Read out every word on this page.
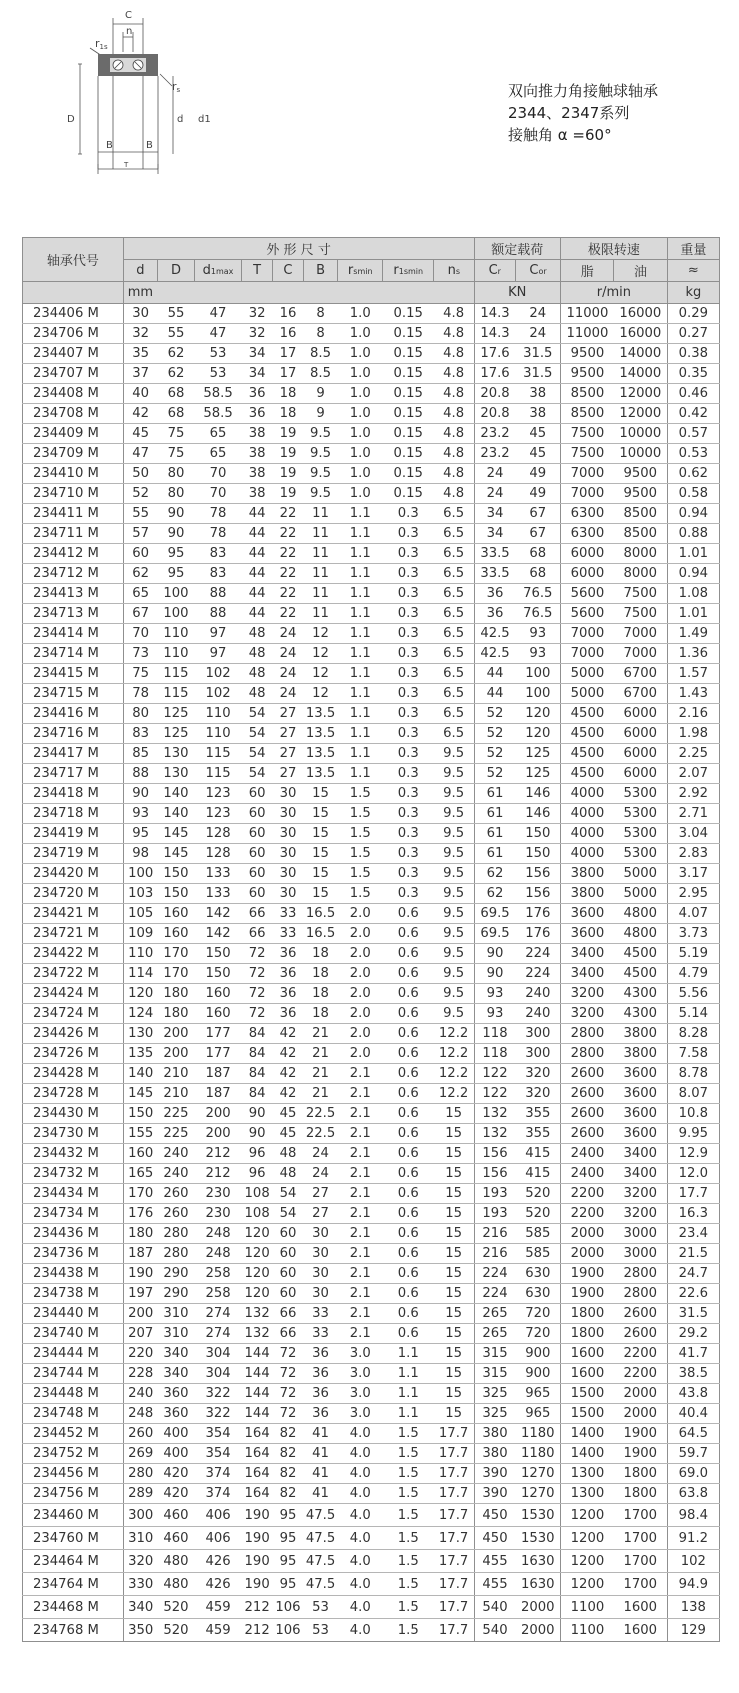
C
n
r1s
rs
D	d d1
B	B
T
双向推力角接触球轴承
2344、2347系列
接触角 α =60°
轴承代号	外 形 尺 寸									额定载荷		极限转速		重量
	d	D	d1max	T	C	B	rsmin	r1smin	ns	Cr	Cor	脂	油	≈
	mm									KN		r/min		kg
234406 M	30	55	47	32	16	8	1.0	0.15	4.8	14.3	24	11000	16000	0.29
234706 M	32	55	47	32	16	8	1.0	0.15	4.8	14.3	24	11000	16000	0.27
234407 M	35	62	53	34	17	8.5	1.0	0.15	4.8	17.6	31.5	9500	14000	0.38
234707 M	37	62	53	34	17	8.5	1.0	0.15	4.8	17.6	31.5	9500	14000	0.35
234408 M	40	68	58.5	36	18	9	1.0	0.15	4.8	20.8	38	8500	12000	0.46
234708 M	42	68	58.5	36	18	9	1.0	0.15	4.8	20.8	38	8500	12000	0.42
234409 M	45	75	65	38	19	9.5	1.0	0.15	4.8	23.2	45	7500	10000	0.57
234709 M	47	75	65	38	19	9.5	1.0	0.15	4.8	23.2	45	7500	10000	0.53
234410 M	50	80	70	38	19	9.5	1.0	0.15	4.8	24	49	7000	9500	0.62
234710 M	52	80	70	38	19	9.5	1.0	0.15	4.8	24	49	7000	9500	0.58
234411 M	55	90	78	44	22	11	1.1	0.3	6.5	34	67	6300	8500	0.94
234711 M	57	90	78	44	22	11	1.1	0.3	6.5	34	67	6300	8500	0.88
234412 M	60	95	83	44	22	11	1.1	0.3	6.5	33.5	68	6000	8000	1.01
234712 M	62	95	83	44	22	11	1.1	0.3	6.5	33.5	68	6000	8000	0.94
234413 M	65	100	88	44	22	11	1.1	0.3	6.5	36	76.5	5600	7500	1.08
234713 M	67	100	88	44	22	11	1.1	0.3	6.5	36	76.5	5600	7500	1.01
234414 M	70	110	97	48	24	12	1.1	0.3	6.5	42.5	93	7000	7000	1.49
234714 M	73	110	97	48	24	12	1.1	0.3	6.5	42.5	93	7000	7000	1.36
234415 M	75	115	102	48	24	12	1.1	0.3	6.5	44	100	5000	6700	1.57
234715 M	78	115	102	48	24	12	1.1	0.3	6.5	44	100	5000	6700	1.43
234416 M	80	125	110	54	27	13.5	1.1	0.3	6.5	52	120	4500	6000	2.16
234716 M	83	125	110	54	27	13.5	1.1	0.3	6.5	52	120	4500	6000	1.98
234417 M	85	130	115	54	27	13.5	1.1	0.3	9.5	52	125	4500	6000	2.25
234717 M	88	130	115	54	27	13.5	1.1	0.3	9.5	52	125	4500	6000	2.07
234418 M	90	140	123	60	30	15	1.5	0.3	9.5	61	146	4000	5300	2.92
234718 M	93	140	123	60	30	15	1.5	0.3	9.5	61	146	4000	5300	2.71
234419 M	95	145	128	60	30	15	1.5	0.3	9.5	61	150	4000	5300	3.04
234719 M	98	145	128	60	30	15	1.5	0.3	9.5	61	150	4000	5300	2.83
234420 M	100	150	133	60	30	15	1.5	0.3	9.5	62	156	3800	5000	3.17
234720 M	103	150	133	60	30	15	1.5	0.3	9.5	62	156	3800	5000	2.95
234421 M	105	160	142	66	33	16.5	2.0	0.6	9.5	69.5	176	3600	4800	4.07
234721 M	109	160	142	66	33	16.5	2.0	0.6	9.5	69.5	176	3600	4800	3.73
234422 M	110	170	150	72	36	18	2.0	0.6	9.5	90	224	3400	4500	5.19
234722 M	114	170	150	72	36	18	2.0	0.6	9.5	90	224	3400	4500	4.79
234424 M	120	180	160	72	36	18	2.0	0.6	9.5	93	240	3200	4300	5.56
234724 M	124	180	160	72	36	18	2.0	0.6	9.5	93	240	3200	4300	5.14
234426 M	130	200	177	84	42	21	2.0	0.6	12.2	118	300	2800	3800	8.28
234726 M	135	200	177	84	42	21	2.0	0.6	12.2	118	300	2800	3800	7.58
234428 M	140	210	187	84	42	21	2.1	0.6	12.2	122	320	2600	3600	8.78
234728 M	145	210	187	84	42	21	2.1	0.6	12.2	122	320	2600	3600	8.07
234430 M	150	225	200	90	45	22.5	2.1	0.6	15	132	355	2600	3600	10.8
234730 M	155	225	200	90	45	22.5	2.1	0.6	15	132	355	2600	3600	9.95
234432 M	160	240	212	96	48	24	2.1	0.6	15	156	415	2400	3400	12.9
234732 M	165	240	212	96	48	24	2.1	0.6	15	156	415	2400	3400	12.0
234434 M	170	260	230	108	54	27	2.1	0.6	15	193	520	2200	3200	17.7
234734 M	176	260	230	108	54	27	2.1	0.6	15	193	520	2200	3200	16.3
234436 M	180	280	248	120	60	30	2.1	0.6	15	216	585	2000	3000	23.4
234736 M	187	280	248	120	60	30	2.1	0.6	15	216	585	2000	3000	21.5
234438 M	190	290	258	120	60	30	2.1	0.6	15	224	630	1900	2800	24.7
234738 M	197	290	258	120	60	30	2.1	0.6	15	224	630	1900	2800	22.6
234440 M	200	310	274	132	66	33	2.1	0.6	15	265	720	1800	2600	31.5
234740 M	207	310	274	132	66	33	2.1	0.6	15	265	720	1800	2600	29.2
234444 M	220	340	304	144	72	36	3.0	1.1	15	315	900	1600	2200	41.7
234744 M	228	340	304	144	72	36	3.0	1.1	15	315	900	1600	2200	38.5
234448 M	240	360	322	144	72	36	3.0	1.1	15	325	965	1500	2000	43.8
234748 M	248	360	322	144	72	36	3.0	1.1	15	325	965	1500	2000	40.4
234452 M	260	400	354	164	82	41	4.0	1.5	17.7	380	1180	1400	1900	64.5
234752 M	269	400	354	164	82	41	4.0	1.5	17.7	380	1180	1400	1900	59.7
234456 M	280	420	374	164	82	41	4.0	1.5	17.7	390	1270	1300	1800	69.0
234756 M	289	420	374	164	82	41	4.0	1.5	17.7	390	1270	1300	1800	63.8
234460 M	300	460	406	190	95	47.5	4.0	1.5	17.7	450	1530	1200	1700	98.4
234760 M	310	460	406	190	95	47.5	4.0	1.5	17.7	450	1530	1200	1700	91.2
234464 M	320	480	426	190	95	47.5	4.0	1.5	17.7	455	1630	1200	1700	102
234764 M	330	480	426	190	95	47.5	4.0	1.5	17.7	455	1630	1200	1700	94.9
234468 M	340	520	459	212	106	53	4.0	1.5	17.7	540	2000	1100	1600	138
234768 M	350	520	459	212	106	53	4.0	1.5	17.7	540	2000	1100	1600	129
